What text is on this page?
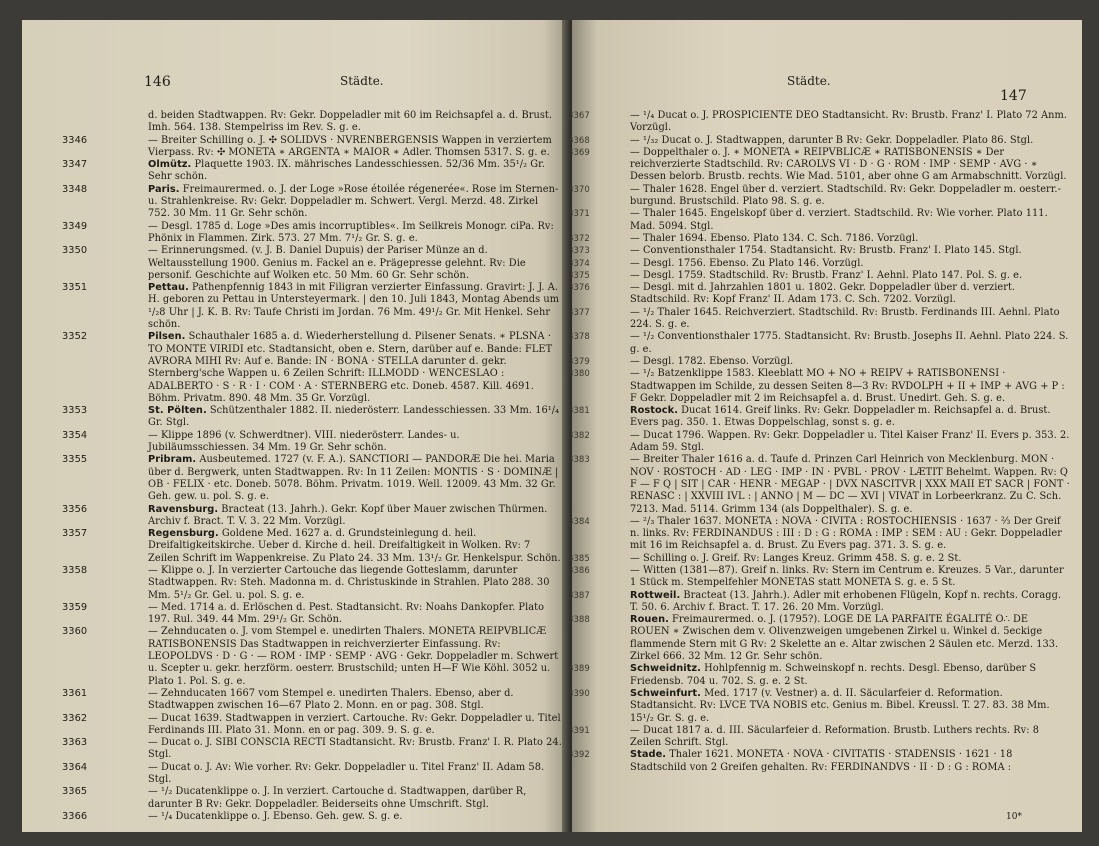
146	Städte.
d. beiden Stadtwappen. Rv: Gekr. Doppeladler mit 60 im Reichsapfel a. d. Brust. Imh. 564. 138. Stempelriss im Rev. S. g. e.
3346	— Breiter Schilling o. J. ✣ SOLIDVS · NVRENBERGENSIS Wappen in verziertem Vierpass. Rv: ✣ MONETA ∗ ARGENTA ∗ MAIOR ∗ Adler. Thomsen 5317. S. g. e.
3347	Olmütz. Plaquette 1903. IX. mährisches Landesschiessen. 52/36 Mm. 35¹/₂ Gr. Sehr schön.
3348	Paris. Freimaurermed. o. J. der Loge »Rose étoilée régenerée«. Rose im Sternen- u. Strahlenkreise. Rv: Gekr. Doppeladler m. Schwert. Vergl. Merzd. 48. Zirkel 752. 30 Mm. 11 Gr. Sehr schön.
3349	— Desgl. 1785 d. Loge »Des amis incorruptibles«. Im Seilkreis Monogr. ciPa. Rv: Phönix in Flammen. Zirk. 573. 27 Mm. 7¹/₂ Gr. S. g. e.
3350	— Erinnerungsmed. (v. J. B. Daniel Dupuis) der Pariser Münze an d. Weltausstellung 1900. Genius m. Fackel an e. Prägepresse gelehnt. Rv: Die personif. Geschichte auf Wolken etc. 50 Mm. 60 Gr. Sehr schön.
3351	Pettau. Pathenpfennig 1843 in mit Filigran verzierter Einfassung. Gravirt: J. J. A. H. geboren zu Pettau in Untersteyermark. | den 10. Juli 1843, Montag Abends um ¹/₂8 Uhr | J. K. B. Rv: Taufe Christi im Jordan. 76 Mm. 49¹/₂ Gr. Mit Henkel. Sehr schön.
3352	Pilsen. Schauthaler 1685 a. d. Wiederherstellung d. Pilsener Senats. ∗ PLSNA · TO MONTE VIRIDI etc. Stadtansicht, oben e. Stern, darüber auf e. Bande: FLET AVRORA MIHI Rv: Auf e. Bande: IN · BONA · STELLA darunter d. gekr. Sternberg'sche Wappen u. 6 Zeilen Schrift: ILLMODD · WENCESLAO : ADALBERTO · S · R · I · COM · A · STERNBERG etc. Doneb. 4587. Kill. 4691. Böhm. Privatm. 890. 48 Mm. 35 Gr. Vorzügl.
3353	St. Pölten. Schützenthaler 1882. II. niederösterr. Landesschiessen. 33 Mm. 16¹/₄ Gr. Stgl.
3354	— Klippe 1896 (v. Schwerdtner). VIII. niederösterr. Landes- u. Jubiläumsschiessen. 34 Mm. 19 Gr. Sehr schön.
3355	Pribram. Ausbeutemed. 1727 (v. F. A.). SANCTIORI — PANDORÆ Die hei. Maria über d. Bergwerk, unten Stadtwappen. Rv: In 11 Zeilen: MONTIS · S · DOMINÆ | OB · FELIX · etc. Doneb. 5078. Böhm. Privatm. 1019. Well. 12009. 43 Mm. 32 Gr. Geh. gew. u. pol. S. g. e.
3356	Ravensburg. Bracteat (13. Jahrh.). Gekr. Kopf über Mauer zwischen Thürmen. Archiv f. Bract. T. V. 3. 22 Mm. Vorzügl.
3357	Regensburg. Goldene Med. 1627 a. d. Grundsteinlegung d. heil. Dreifaltigkeitskirche. Ueber d. Kirche d. heil. Dreifaltigkeit in Wolken. Rv: 7 Zeilen Schrift im Wappenkreise. Zu Plato 24. 33 Mm. 13¹/₂ Gr. Henkelspur. Schön.
3358	— Klippe o. J. In verzierter Cartouche das liegende Gotteslamm, darunter Stadtwappen. Rv: Steh. Madonna m. d. Christuskinde in Strahlen. Plato 288. 30 Mm. 5¹/₂ Gr. Gel. u. pol. S. g. e.
3359	— Med. 1714 a. d. Erlöschen d. Pest. Stadtansicht. Rv: Noahs Dankopfer. Plato 197. Rul. 349. 44 Mm. 29¹/₂ Gr. Schön.
3360	— Zehnducaten o. J. vom Stempel e. unedirten Thalers. MONETA REIPVBLICÆ RATISBONENSIS Das Stadtwappen in reichverzierter Einfassung. Rv: LEOPOLDVS · D · G · — ROM · IMP · SEMP · AVG · Gekr. Doppeladler m. Schwert u. Scepter u. gekr. herzförm. oesterr. Brustschild; unten H—F Wie Köhl. 3052 u. Plato 1. Pol. S. g. e.
3361	— Zehnducaten 1667 vom Stempel e. unedirten Thalers. Ebenso, aber d. Stadtwappen zwischen 16—67 Plato 2. Monn. en or pag. 308. Stgl.
3362	— Ducat 1639. Stadtwappen in verziert. Cartouche. Rv: Gekr. Doppeladler u. Titel Ferdinands III. Plato 31. Monn. en or pag. 309. 9. S. g. e.
3363	— Ducat o. J. SIBI CONSCIA RECTI Stadtansicht. Rv: Brustb. Franz' I. R. Plato 24. Stgl.
3364	— Ducat o. J. Av: Wie vorher. Rv: Gekr. Doppeladler u. Titel Franz' II. Adam 58. Stgl.
3365	— ¹/₂ Ducatenklippe o. J. In verziert. Cartouche d. Stadtwappen, darüber R, darunter B Rv: Gekr. Doppeladler. Beiderseits ohne Umschrift. Stgl.
3366	— ¹/₄ Ducatenklippe o. J. Ebenso. Geh. gew. S. g. e.
Städte.
147
3367	— ¹/₄ Ducat o. J. PROSPICIENTE DEO Stadtansicht. Rv: Brustb. Franz' I. Plato 72 Anm. Vorzügl.
3368	— ¹/₃₂ Ducat o. J. Stadtwappen, darunter B Rv: Gekr. Doppeladler. Plato 86. Stgl.
3369	— Doppelthaler o. J. ∗ MONETA ∗ REIPVBLICÆ ∗ RATISBONENSIS ∗ Der reichverzierte Stadtschild. Rv: CAROLVS VI · D · G · ROM · IMP · SEMP · AVG · ∗ Dessen belorb. Brustb. rechts. Wie Mad. 5101, aber ohne G am Armabschnitt. Vorzügl.
3370	— Thaler 1628. Engel über d. verziert. Stadtschild. Rv: Gekr. Doppeladler m. oesterr.-burgund. Brustschild. Plato 98. S. g. e.
3371	— Thaler 1645. Engelskopf über d. verziert. Stadtschild. Rv: Wie vorher. Plato 111. Mad. 5094. Stgl.
3372	— Thaler 1694. Ebenso. Plato 134. C. Sch. 7186. Vorzügl.
3373	— Conventionsthaler 1754. Stadtansicht. Rv: Brustb. Franz' I. Plato 145. Stgl.
3374	— Desgl. 1756. Ebenso. Zu Plato 146. Vorzügl.
3375	— Desgl. 1759. Stadtschild. Rv: Brustb. Franz' I. Aehnl. Plato 147. Pol. S. g. e.
3376	— Desgl. mit d. Jahrzahlen 1801 u. 1802. Gekr. Doppeladler über d. verziert. Stadtschild. Rv: Kopf Franz' II. Adam 173. C. Sch. 7202. Vorzügl.
3377	— ¹/₂ Thaler 1645. Reichverziert. Stadtschild. Rv: Brustb. Ferdinands III. Aehnl. Plato 224. S. g. e.
3378	— ¹/₂ Conventionsthaler 1775. Stadtansicht. Rv: Brustb. Josephs II. Aehnl. Plato 224. S. g. e.
3379	— Desgl. 1782. Ebenso. Vorzügl.
3380	— ¹/₂ Batzenklippe 1583. Kleeblatt MO + NO + REIPV + RATISBONENSI · Stadtwappen im Schilde, zu dessen Seiten 8—3 Rv: RVDOLPH + II + IMP + AVG + P : F Gekr. Doppeladler mit 2 im Reichsapfel a. d. Brust. Unedirt. Geh. S. g. e.
3381	Rostock. Ducat 1614. Greif links. Rv: Gekr. Doppeladler m. Reichsapfel a. d. Brust. Evers pag. 350. 1. Etwas Doppelschlag, sonst s. g. e.
3382	— Ducat 1796. Wappen. Rv: Gekr. Doppeladler u. Titel Kaiser Franz' II. Evers p. 353. 2. Adam 59. Stgl.
3383	— Breiter Thaler 1616 a. d. Taufe d. Prinzen Carl Heinrich von Mecklenburg. MON · NOV · ROSTOCH · AD · LEG · IMP · IN · PVBL · PROV · LÆTIT Behelmt. Wappen. Rv: Q F — F Q | SIT | CAR · HENR · MEGAP · | DVX NASCITVR | XXX MAII ET SACR | FONT · RENASC : | XXVIII IVL : | ANNO | M — DC — XVI | VIVAT in Lorbeerkranz. Zu C. Sch. 7213. Mad. 5114. Grimm 134 (als Doppelthaler). S. g. e.
3384	— ²/₃ Thaler 1637. MONETA : NOVA · CIVITA : ROSTOCHIENSIS · 1637 · ⅔ Der Greif n. links. Rv: FERDINANDUS : III : D : G : ROMA : IMP : SEM : AU : Gekr. Doppeladler mit 16 im Reichsapfel a. d. Brust. Zu Evers pag. 371. 3. S. g. e.
3385	— Schilling o. J. Greif. Rv: Langes Kreuz. Grimm 458. S. g. e. 2 St.
3386	— Witten (1381—87). Greif n. links. Rv: Stern im Centrum e. Kreuzes. 5 Var., darunter 1 Stück m. Stempelfehler MONETAS statt MONETA S. g. e. 5 St.
3387	Rottweil. Bracteat (13. Jahrh.). Adler mit erhobenen Flügeln, Kopf n. rechts. Coragg. T. 50. 6. Archiv f. Bract. T. 17. 26. 20 Mm. Vorzügl.
3388	Rouen. Freimaurermed. o. J. (1795?). LOGE DE LA PARFAITE ÉGALITÉ O∴ DE ROUEN ∗ Zwischen dem v. Olivenzweigen umgebenen Zirkel u. Winkel d. 5eckige flammende Stern mit G Rv: 2 Skelette an e. Altar zwischen 2 Säulen etc. Merzd. 133. Zirkel 666. 32 Mm. 12 Gr. Sehr schön.
3389	Schweidnitz. Hohlpfennig m. Schweinskopf n. rechts. Desgl. Ebenso, darüber S Friedensb. 704 u. 702. S. g. e. 2 St.
3390	Schweinfurt. Med. 1717 (v. Vestner) a. d. II. Säcularfeier d. Reformation. Stadtansicht. Rv: LVCE TVA NOBIS etc. Genius m. Bibel. Kreussl. T. 27. 83. 38 Mm. 15¹/₂ Gr. S. g. e.
3391	— Ducat 1817 a. d. III. Säcularfeier d. Reformation. Brustb. Luthers rechts. Rv: 8 Zeilen Schrift. Stgl.
3392	Stade. Thaler 1621. MONETA · NOVA · CIVITATIS · STADENSIS · 1621 · 18 Stadtschild von 2 Greifen gehalten. Rv: FERDINANDVS · II · D : G : ROMA :
10*
